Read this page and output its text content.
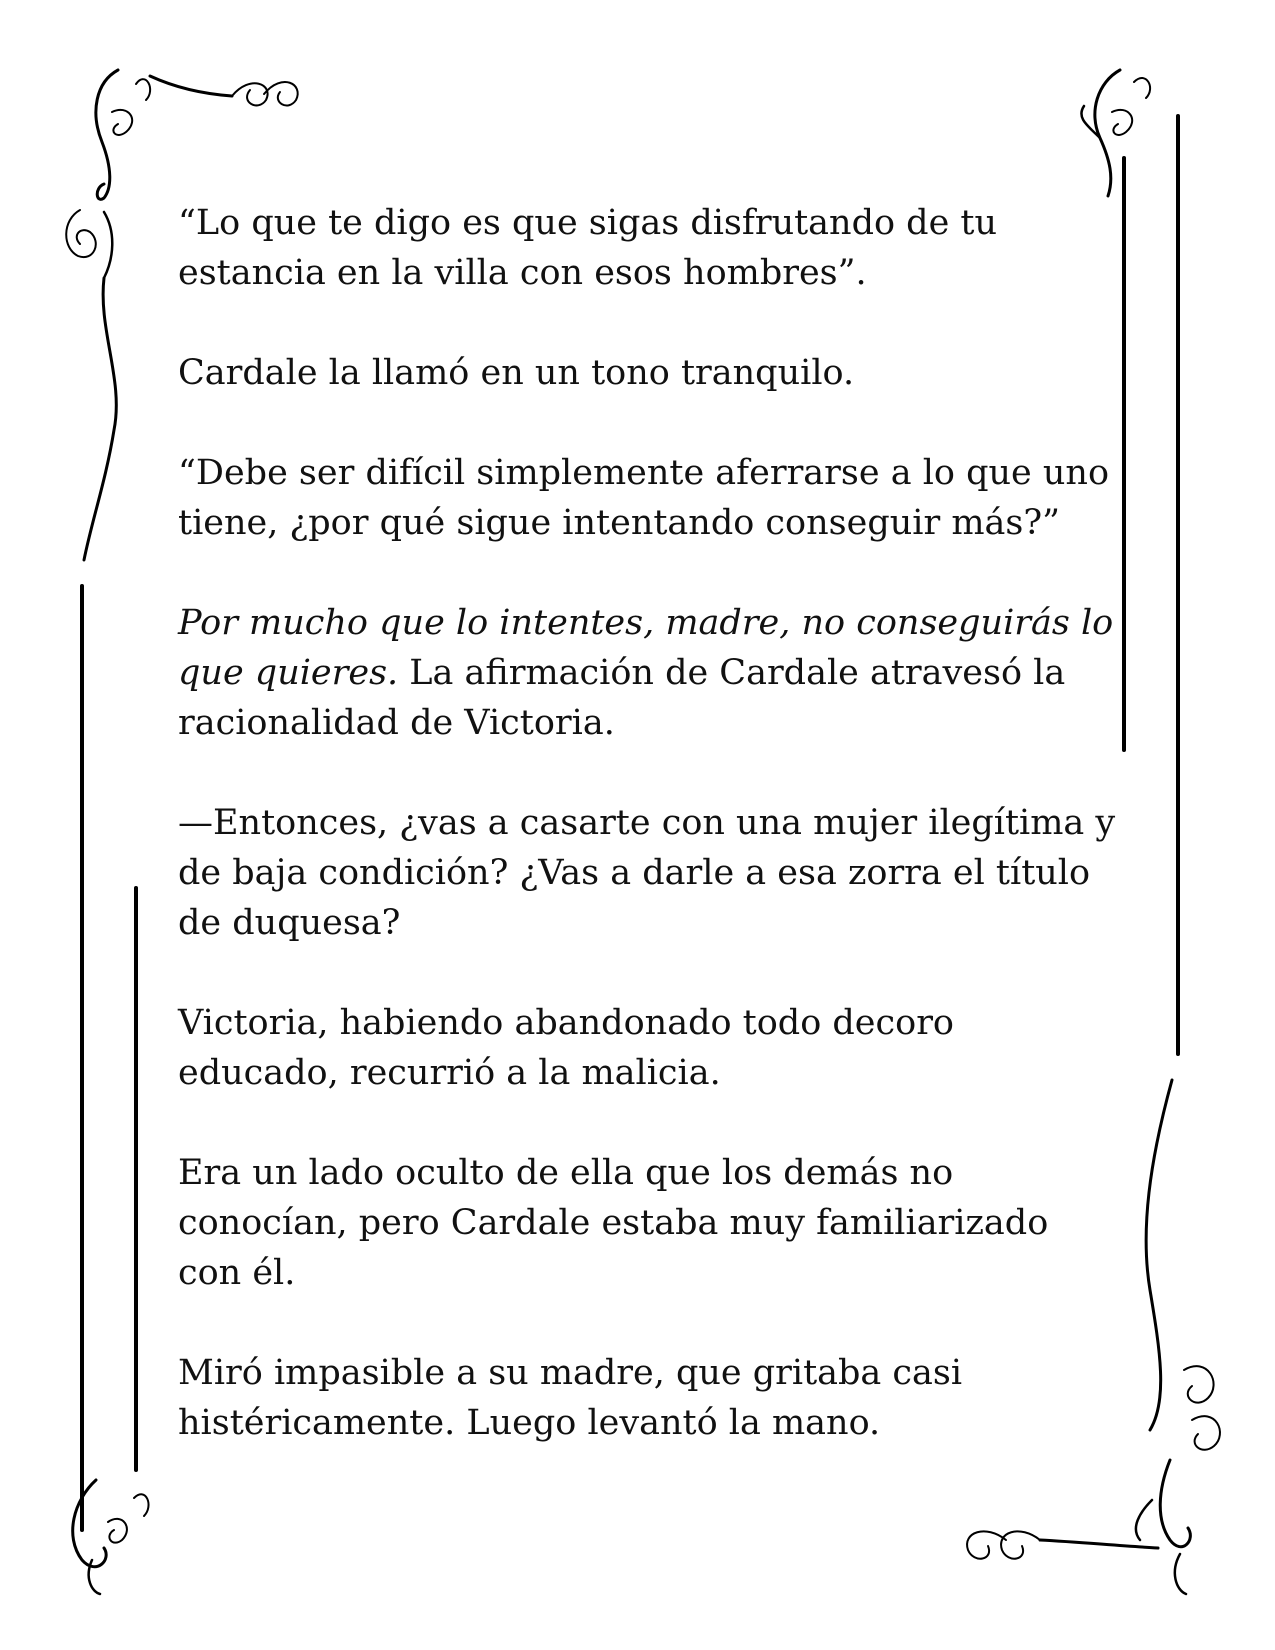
“Lo que te digo es que sigas disfrutando de tu estancia en la villa con esos hombres”.

Cardale la llamó en un tono tranquilo.

“Debe ser difícil simplemente aferrarse a lo que uno tiene, ¿por qué sigue intentando conseguir más?”

Por mucho que lo intentes, madre, no conseguirás lo que quieres. La afirmación de Cardale atravesó la racionalidad de Victoria.

—Entonces, ¿vas a casarte con una mujer ilegítima y de baja condición? ¿Vas a darle a esa zorra el título de duquesa?

Victoria, habiendo abandonado todo decoro educado, recurrió a la malicia.

Era un lado oculto de ella que los demás no conocían, pero Cardale estaba muy familiarizado con él.

Miró impasible a su madre, que gritaba casi histéricamente. Luego levantó la mano.
